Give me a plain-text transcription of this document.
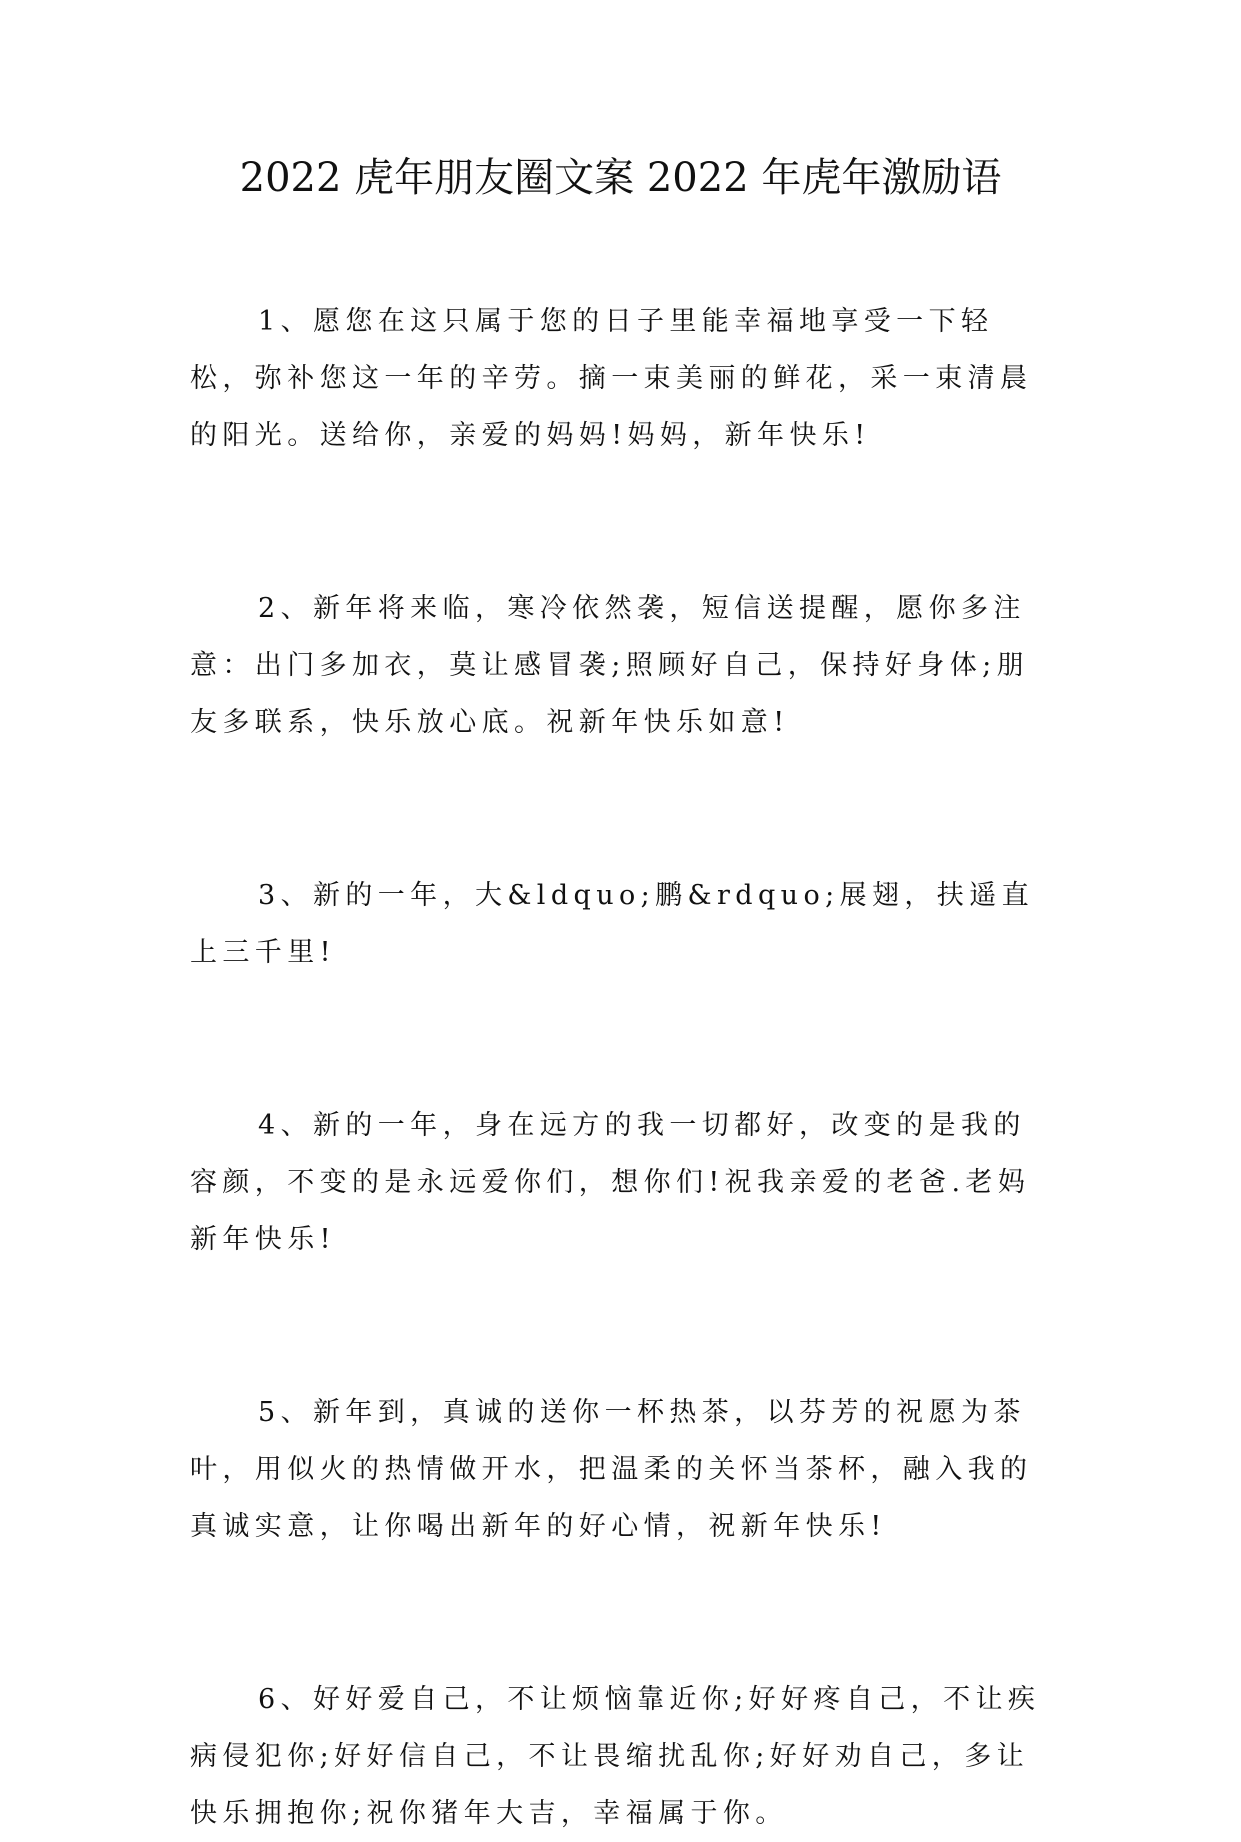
2022 虎年朋友圈文案 2022 年虎年激励语

1、愿您在这只属于您的日子里能幸福地享受一下轻松，弥补您这一年的辛劳。摘一束美丽的鲜花，采一束清晨的阳光。送给你，亲爱的妈妈!妈妈，新年快乐!

2、新年将来临，寒冷依然袭，短信送提醒，愿你多注意：出门多加衣，莫让感冒袭;照顾好自己，保持好身体;朋友多联系，快乐放心底。祝新年快乐如意!

3、新的一年，大&ldquo;鹏&rdquo;展翅，扶遥直上三千里!

4、新的一年，身在远方的我一切都好，改变的是我的容颜，不变的是永远爱你们，想你们!祝我亲爱的老爸.老妈新年快乐!

5、新年到，真诚的送你一杯热茶，以芬芳的祝愿为茶叶，用似火的热情做开水，把温柔的关怀当茶杯，融入我的真诚实意，让你喝出新年的好心情，祝新年快乐!

6、好好爱自己，不让烦恼靠近你;好好疼自己，不让疾病侵犯你;好好信自己，不让畏缩扰乱你;好好劝自己，多让快乐拥抱你;祝你猪年大吉，幸福属于你。
